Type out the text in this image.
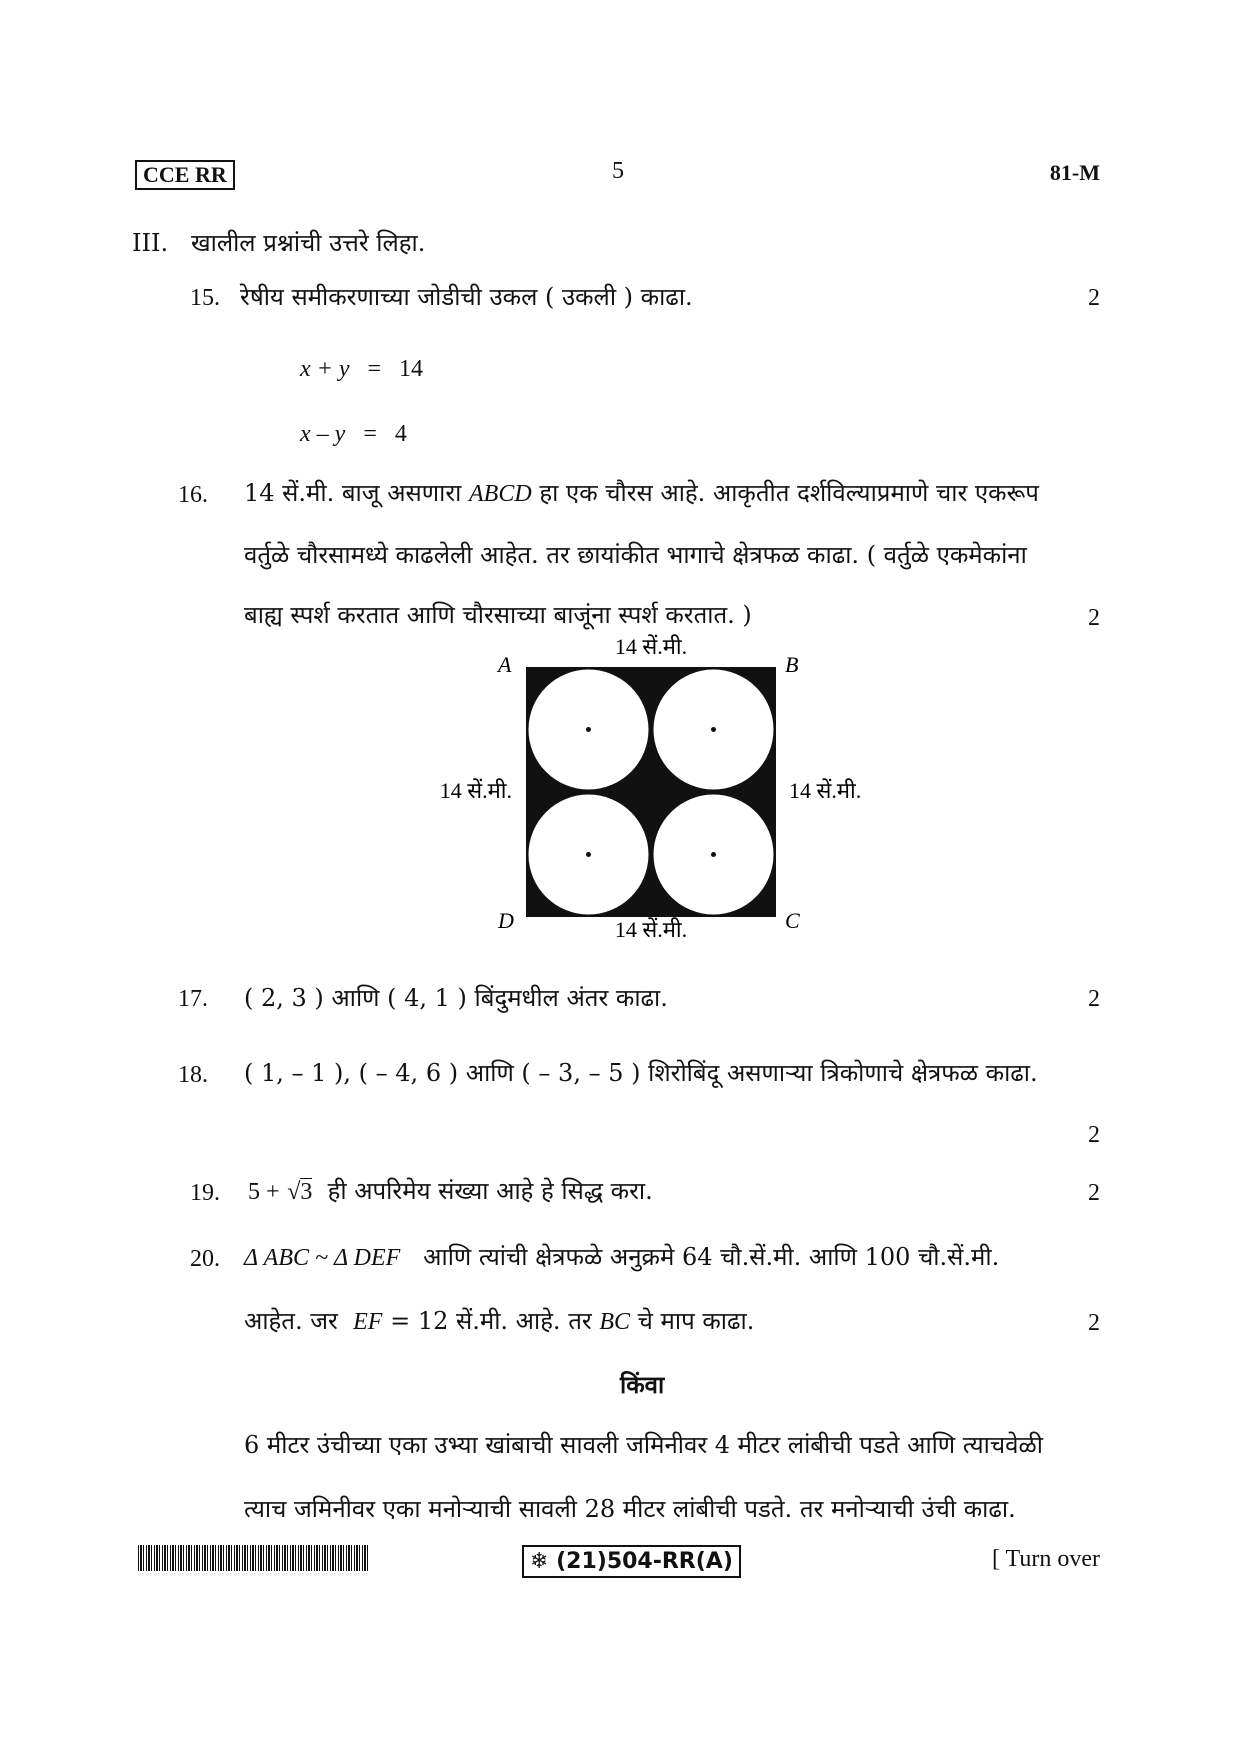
CCE RR	5	81-M
III. खालील प्रश्नांची उत्तरे लिहा.
15. रेषीय समीकरणाच्या जोडीची उकल ( उकली ) काढा.	2
x + y = 14
x – y = 4
16. 14 सें.मी. बाजू असणारा ABCD हा एक चौरस आहे. आकृतीत दर्शविल्याप्रमाणे चार एकरूप
वर्तुळे चौरसामध्ये काढलेली आहेत. तर छायांकीत भागाचे क्षेत्रफळ काढा. ( वर्तुळे एकमेकांना
बाह्य स्पर्श करतात आणि चौरसाच्या बाजूंना स्पर्श करतात. )	2
A	B
C
D
14 सें.मी.
14 सें.मी.
14 सें.मी.	14 सें.मी.
17. ( 2, 3 ) आणि ( 4, 1 ) बिंदुमधील अंतर काढा.	2
18. ( 1, – 1 ), ( – 4, 6 ) आणि ( – 3, – 5 ) शिरोबिंदू असणाऱ्या त्रिकोणाचे क्षेत्रफळ काढा.
2
19. 5 + √3 ही अपरिमेय संख्या आहे हे सिद्ध करा.	2
20. Δ ABC ~ Δ DEF आणि त्यांची क्षेत्रफळे अनुक्रमे 64 चौ.सें.मी. आणि 100 चौ.सें.मी.
आहेत. जर EF = 12 सें.मी. आहे. तर BC चे माप काढा.	2
किंवा
6 मीटर उंचीच्या एका उभ्या खांबाची सावली जमिनीवर 4 मीटर लांबीची पडते आणि त्याचवेळी
त्याच जमिनीवर एका मनोऱ्याची सावली 28 मीटर लांबीची पडते. तर मनोऱ्याची उंची काढा.
❄ (21)504-RR(A)	[ Turn over
